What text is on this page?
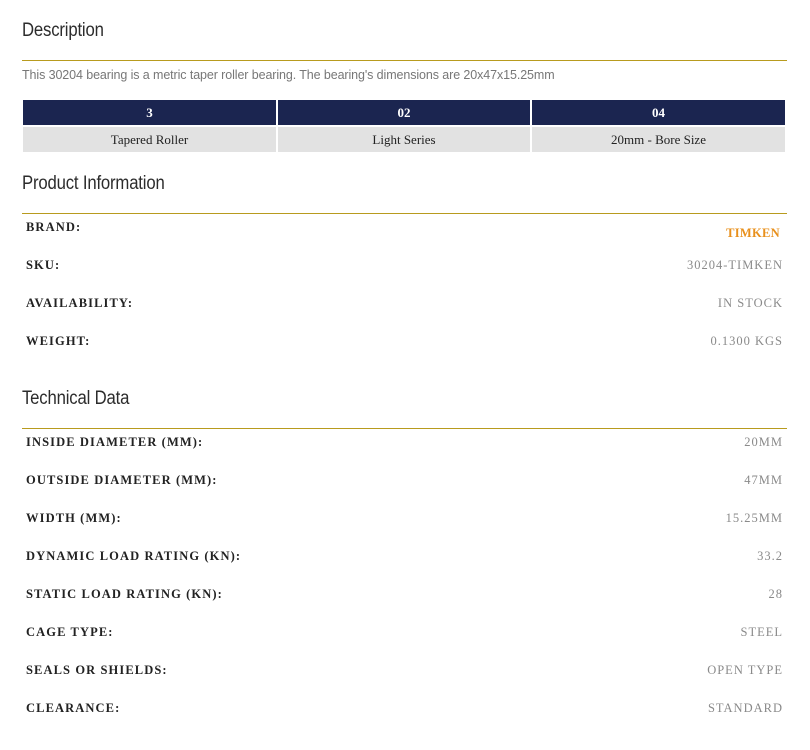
Description
This 30204 bearing is a metric taper roller bearing. The bearing's dimensions are 20x47x15.25mm
3	02	04
Tapered Roller	Light Series	20mm - Bore Size
Product Information
BRAND:	TIMKEN
SKU:	30204-TIMKEN
AVAILABILITY:	IN STOCK
WEIGHT:	0.1300 KGS
Technical Data
INSIDE DIAMETER (MM):	20MM
OUTSIDE DIAMETER (MM):	47MM
WIDTH (MM):	15.25MM
DYNAMIC LOAD RATING (KN):	33.2
STATIC LOAD RATING (KN):	28
CAGE TYPE:	STEEL
SEALS OR SHIELDS:	OPEN TYPE
CLEARANCE:	STANDARD
